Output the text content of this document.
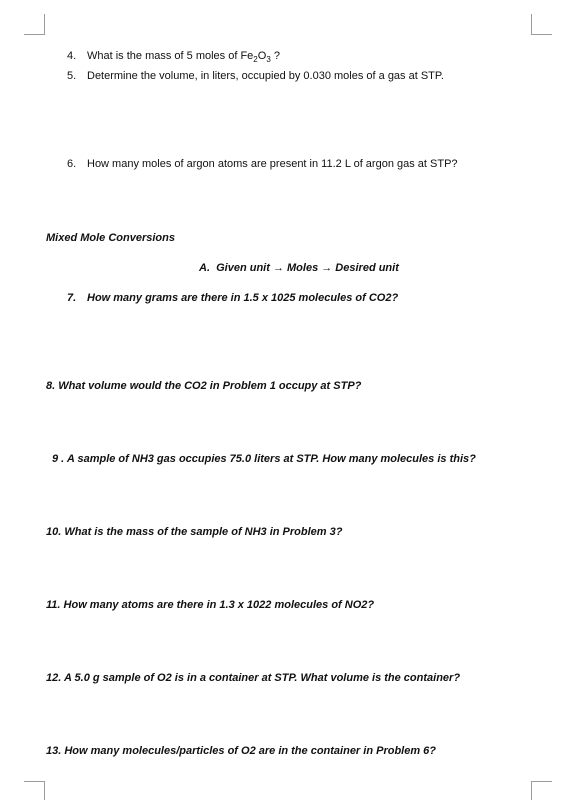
4. What is the mass of 5 moles of $Fe_2O_3$ ?
5. Determine the volume, in liters, occupied by 0.030 moles of a gas at STP.
6. How many moles of argon atoms are present in 11.2 L of argon gas at STP?
Mixed Mole Conversions
A. Given unit → Moles → Desired unit
7. How many grams are there in 1.5 x 1025 molecules of CO2?
8. What volume would the CO2 in Problem 1 occupy at STP?
9 . A sample of NH3 gas occupies 75.0 liters at STP. How many molecules is this?
10. What is the mass of the sample of NH3 in Problem 3?
11. How many atoms are there in 1.3 x 1022 molecules of NO2?
12. A 5.0 g sample of O2 is in a container at STP. What volume is the container?
13. How many molecules/particles of O2 are in the container in Problem 6?
